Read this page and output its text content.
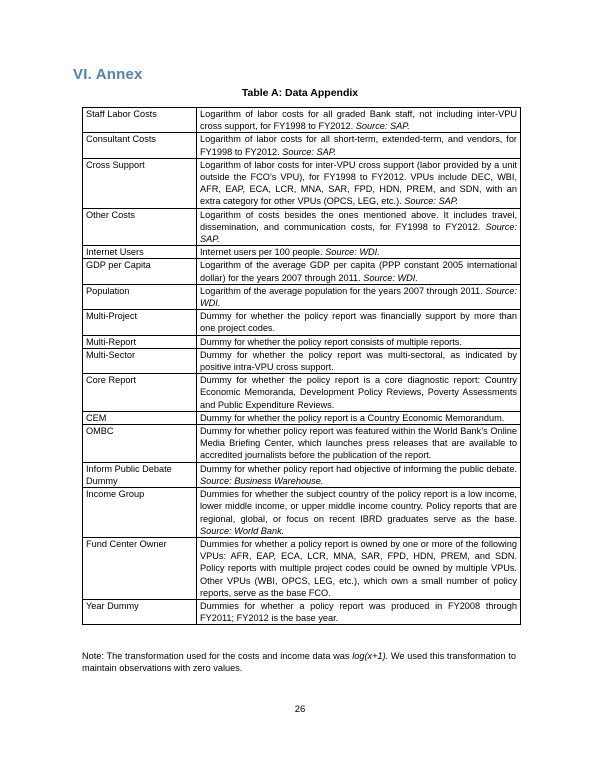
VI. Annex
Table A: Data Appendix
Staff Labor Costs	Logarithm of labor costs for all graded Bank staff, not including inter-VPU cross support, for FY1998 to FY2012. Source: SAP.
Consultant Costs	Logarithm of labor costs for all short-term, extended-term, and vendors, for FY1998 to FY2012. Source: SAP.
Cross Support	Logarithm of labor costs for inter-VPU cross support (labor provided by a unit outside the FCO’s VPU), for FY1998 to FY2012. VPUs include DEC, WBI, AFR, EAP, ECA, LCR, MNA, SAR, FPD, HDN, PREM, and SDN, with an extra category for other VPUs (OPCS, LEG, etc.). Source: SAP.
Other Costs	Logarithm of costs besides the ones mentioned above. It includes travel, dissemination, and communication costs, for FY1998 to FY2012. Source: SAP.
Internet Users	Internet users per 100 people. Source: WDI.
GDP per Capita	Logarithm of the average GDP per capita (PPP constant 2005 international dollar) for the years 2007 through 2011. Source: WDI.
Population	Logarithm of the average population for the years 2007 through 2011. Source: WDI.
Multi-Project	Dummy for whether the policy report was financially support by more than one project codes.
Multi-Report	Dummy for whether the policy report consists of multiple reports.
Multi-Sector	Dummy for whether the policy report was multi-sectoral, as indicated by positive intra-VPU cross support.
Core Report	Dummy for whether the policy report is a core diagnostic report: Country Economic Memoranda, Development Policy Reviews, Poverty Assessments and Public Expenditure Reviews.
CEM	Dummy for whether the policy report is a Country Economic Memorandum.
OMBC	Dummy for whether policy report was featured within the World Bank’s Online Media Briefing Center, which launches press releases that are available to accredited journalists before the publication of the report.
Inform Public Debate Dummy	Dummy for whether policy report had objective of informing the public debate. Source: Business Warehouse.
Income Group	Dummies for whether the subject country of the policy report is a low income, lower middle income, or upper middle income country. Policy reports that are regional, global, or focus on recent IBRD graduates serve as the base. Source: World Bank.
Fund Center Owner	Dummies for whether a policy report is owned by one or more of the following VPUs: AFR, EAP, ECA, LCR, MNA, SAR, FPD, HDN, PREM, and SDN. Policy reports with multiple project codes could be owned by multiple VPUs. Other VPUs (WBI, OPCS, LEG, etc.), which own a small number of policy reports, serve as the base FCO.
Year Dummy	Dummies for whether a policy report was produced in FY2008 through FY2011; FY2012 is the base year.
Note: The transformation used for the costs and income data was log(x+1). We used this transformation to maintain observations with zero values.
26
